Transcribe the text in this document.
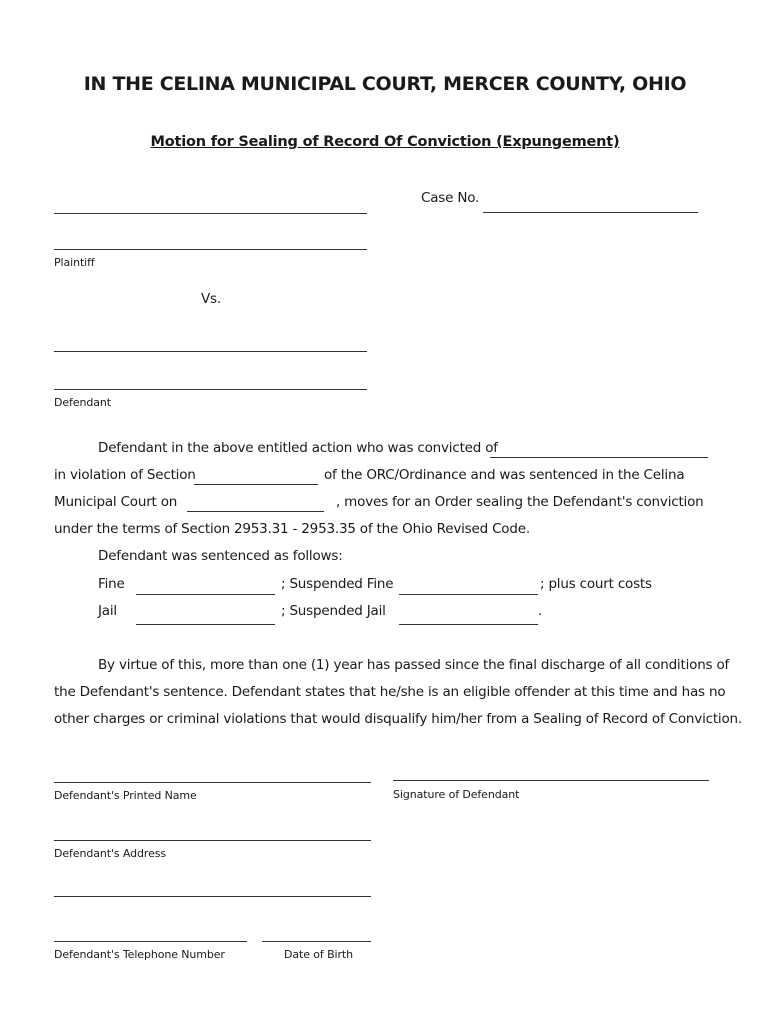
IN THE CELINA MUNICIPAL COURT, MERCER COUNTY, OHIO
Motion for Sealing of Record Of Conviction (Expungement)
Case No.
Plaintiff
Vs.
Defendant
Defendant in the above entitled action who was convicted of
in violation of Section	of the ORC/Ordinance and was sentenced in the Celina
Municipal Court on	, moves for an Order sealing the Defendant's conviction
under the terms of Section 2953.31 - 2953.35 of the Ohio Revised Code.
Defendant was sentenced as follows:
Fine	; Suspended Fine	; plus court costs
Jail	; Suspended Jail	.
By virtue of this, more than one (1) year has passed since the final discharge of all conditions of
the Defendant's sentence. Defendant states that he/she is an eligible offender at this time and has no
other charges or criminal violations that would disqualify him/her from a Sealing of Record of Conviction.
Defendant's Printed Name	Signature of Defendant
Defendant's Address
Defendant's Telephone Number	Date of Birth
